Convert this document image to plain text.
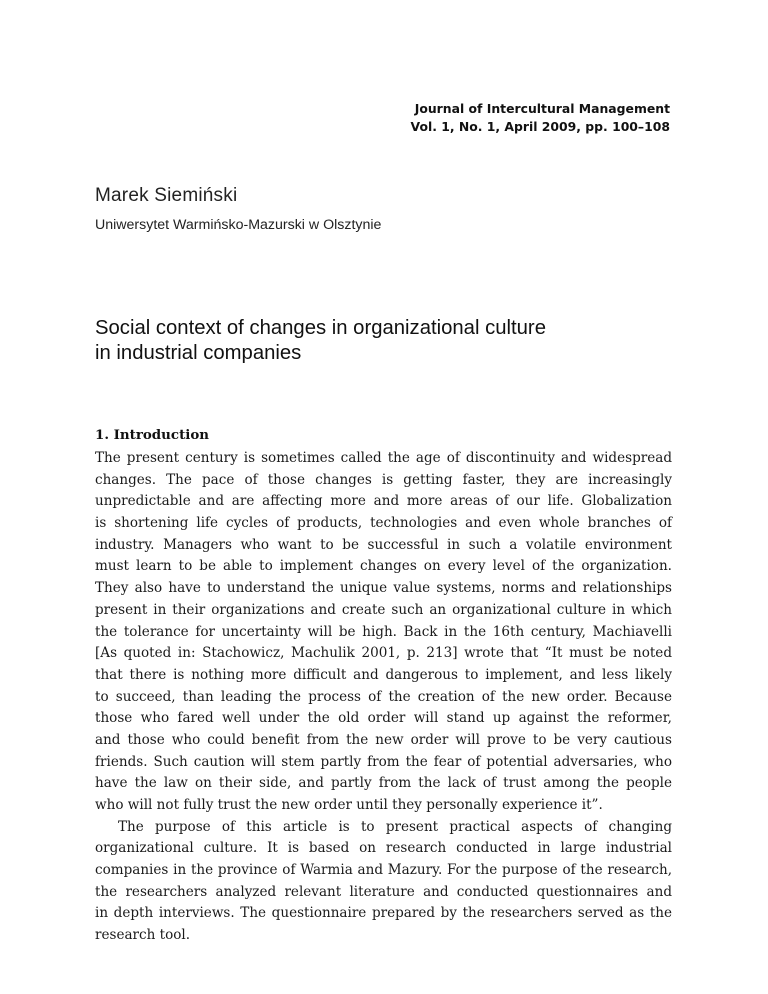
Journal of Intercultural Management
Vol. 1, No. 1, April 2009, pp. 100–108
Marek Siemiński
Uniwersytet Warmińsko-Mazurski w Olsztynie
Social context of changes in organizational culture
in industrial companies
1. Introduction
The present century is sometimes called the age of discontinuity and widespread
changes. The pace of those changes is getting faster, they are increasingly
unpredictable and are affecting more and more areas of our life. Globalization
is shortening life cycles of products, technologies and even whole branches of
industry. Managers who want to be successful in such a volatile environment
must learn to be able to implement changes on every level of the organization.
They also have to understand the unique value systems, norms and relationships
present in their organizations and create such an organizational culture in which
the tolerance for uncertainty will be high. Back in the 16th century, Machiavelli
[As quoted in: Stachowicz, Machulik 2001, p. 213] wrote that “It must be noted
that there is nothing more difficult and dangerous to implement, and less likely
to succeed, than leading the process of the creation of the new order. Because
those who fared well under the old order will stand up against the reformer,
and those who could benefit from the new order will prove to be very cautious
friends. Such caution will stem partly from the fear of potential adversaries, who
have the law on their side, and partly from the lack of trust among the people
who will not fully trust the new order until they personally experience it”.
The purpose of this article is to present practical aspects of changing
organizational culture. It is based on research conducted in large industrial
companies in the province of Warmia and Mazury. For the purpose of the research,
the researchers analyzed relevant literature and conducted questionnaires and
in depth interviews. The questionnaire prepared by the researchers served as the
research tool.
